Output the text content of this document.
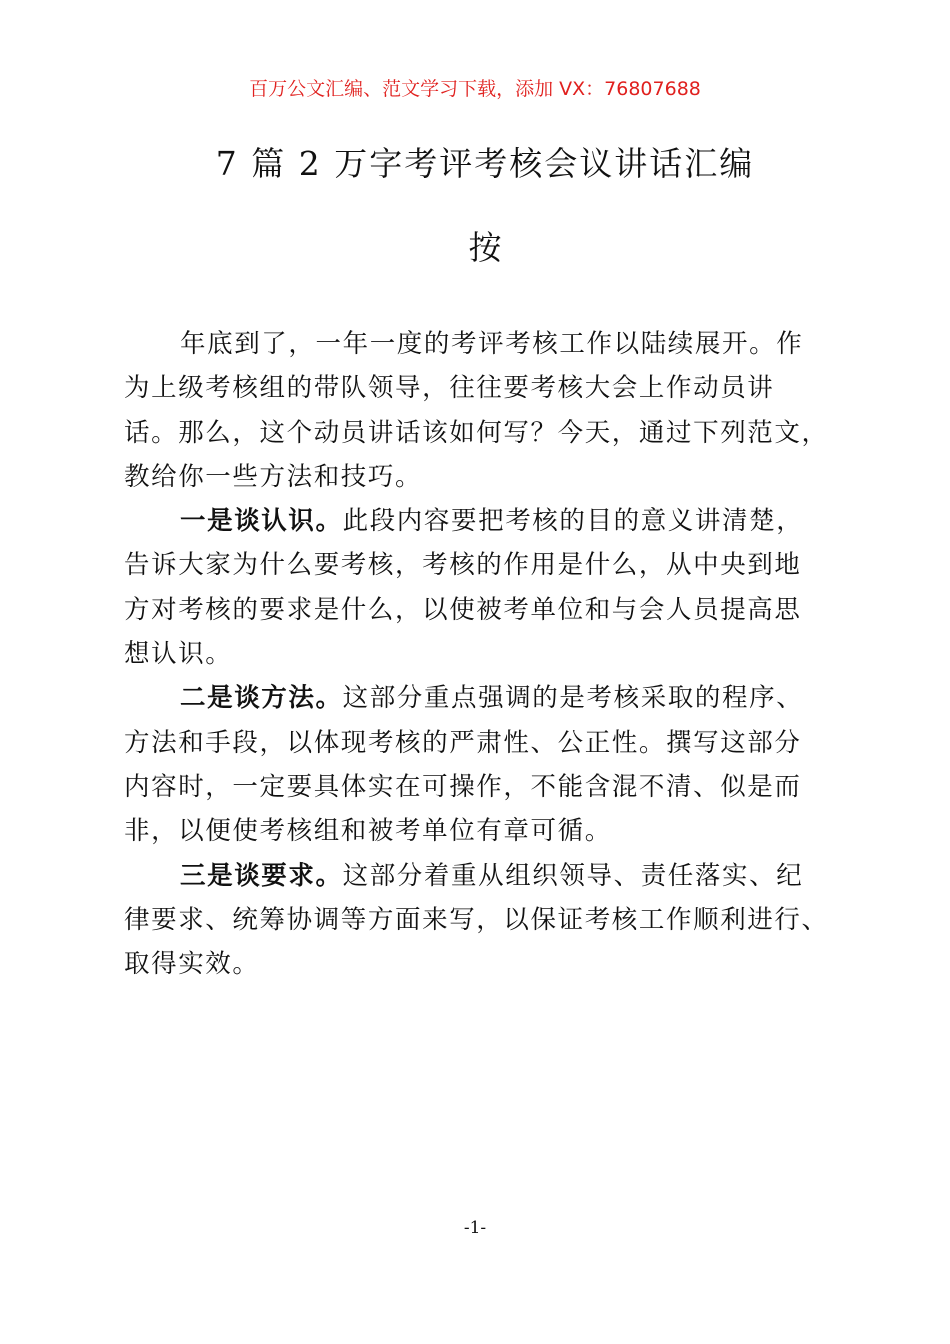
百万公文汇编、范文学习下载，添加 VX：76807688
7 篇 2 万字考评考核会议讲话汇编
按
年底到了，一年一度的考评考核工作以陆续展开。作
为上级考核组的带队领导，往往要考核大会上作动员讲
话。那么，这个动员讲话该如何写？今天，通过下列范文，
教给你一些方法和技巧。
一是谈认识。此段内容要把考核的目的意义讲清楚，
告诉大家为什么要考核，考核的作用是什么，从中央到地
方对考核的要求是什么，以使被考单位和与会人员提高思
想认识。
二是谈方法。这部分重点强调的是考核采取的程序、
方法和手段，以体现考核的严肃性、公正性。撰写这部分
内容时，一定要具体实在可操作，不能含混不清、似是而
非，以便使考核组和被考单位有章可循。
三是谈要求。这部分着重从组织领导、责任落实、纪
律要求、统筹协调等方面来写，以保证考核工作顺利进行、
取得实效。
-1-
